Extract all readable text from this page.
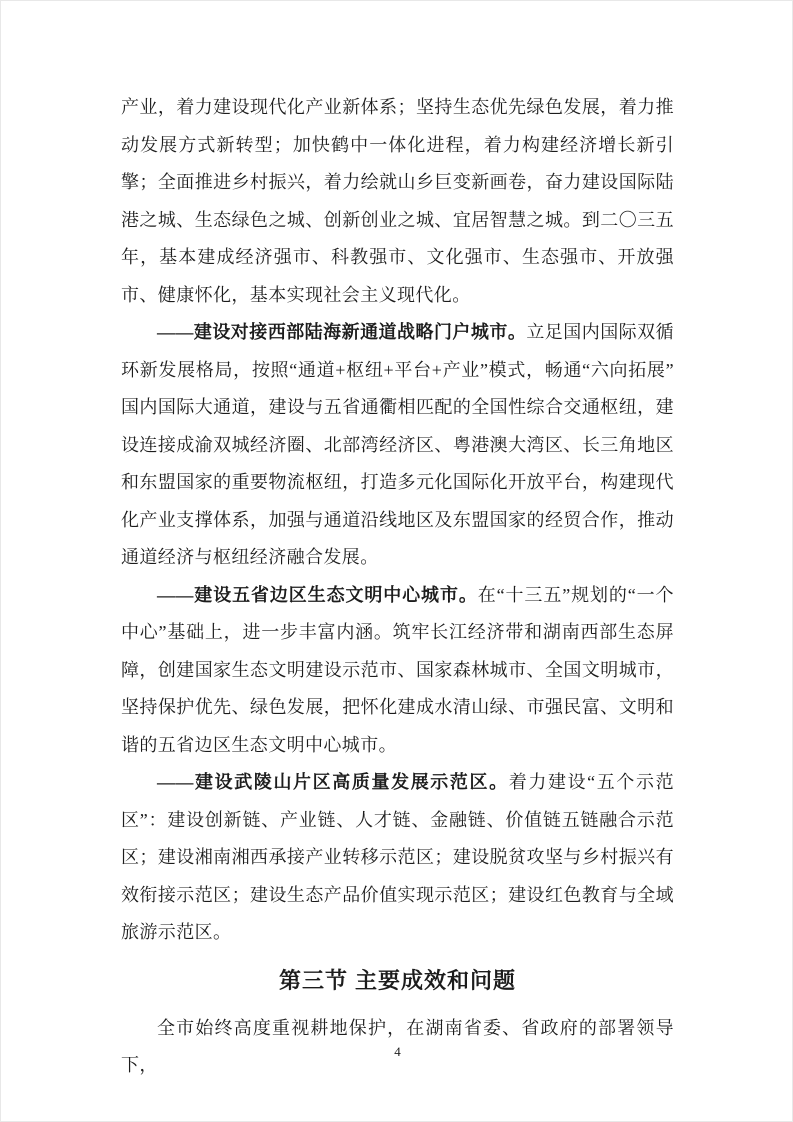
产业，着力建设现代化产业新体系；坚持生态优先绿色发展，着力推动发展方式新转型；加快鹤中一体化进程，着力构建经济增长新引擎；全面推进乡村振兴，着力绘就山乡巨变新画卷，奋力建设国际陆港之城、生态绿色之城、创新创业之城、宜居智慧之城。到二〇三五年，基本建成经济强市、科教强市、文化强市、生态强市、开放强市、健康怀化，基本实现社会主义现代化。

——建设对接西部陆海新通道战略门户城市。立足国内国际双循环新发展格局，按照“通道+枢纽+平台+产业”模式，畅通“六向拓展”国内国际大通道，建设与五省通衢相匹配的全国性综合交通枢纽，建设连接成渝双城经济圈、北部湾经济区、粤港澳大湾区、长三角地区和东盟国家的重要物流枢纽，打造多元化国际化开放平台，构建现代化产业支撑体系，加强与通道沿线地区及东盟国家的经贸合作，推动通道经济与枢纽经济融合发展。

——建设五省边区生态文明中心城市。在“十三五”规划的“一个中心”基础上，进一步丰富内涵。筑牢长江经济带和湖南西部生态屏障，创建国家生态文明建设示范市、国家森林城市、全国文明城市，坚持保护优先、绿色发展，把怀化建成水清山绿、市强民富、文明和谐的五省边区生态文明中心城市。

——建设武陵山片区高质量发展示范区。着力建设“五个示范区”：建设创新链、产业链、人才链、金融链、价值链五链融合示范区；建设湘南湘西承接产业转移示范区；建设脱贫攻坚与乡村振兴有效衔接示范区；建设生态产品价值实现示范区；建设红色教育与全域旅游示范区。

第三节 主要成效和问题

全市始终高度重视耕地保护，在湖南省委、省政府的部署领导下，

4
